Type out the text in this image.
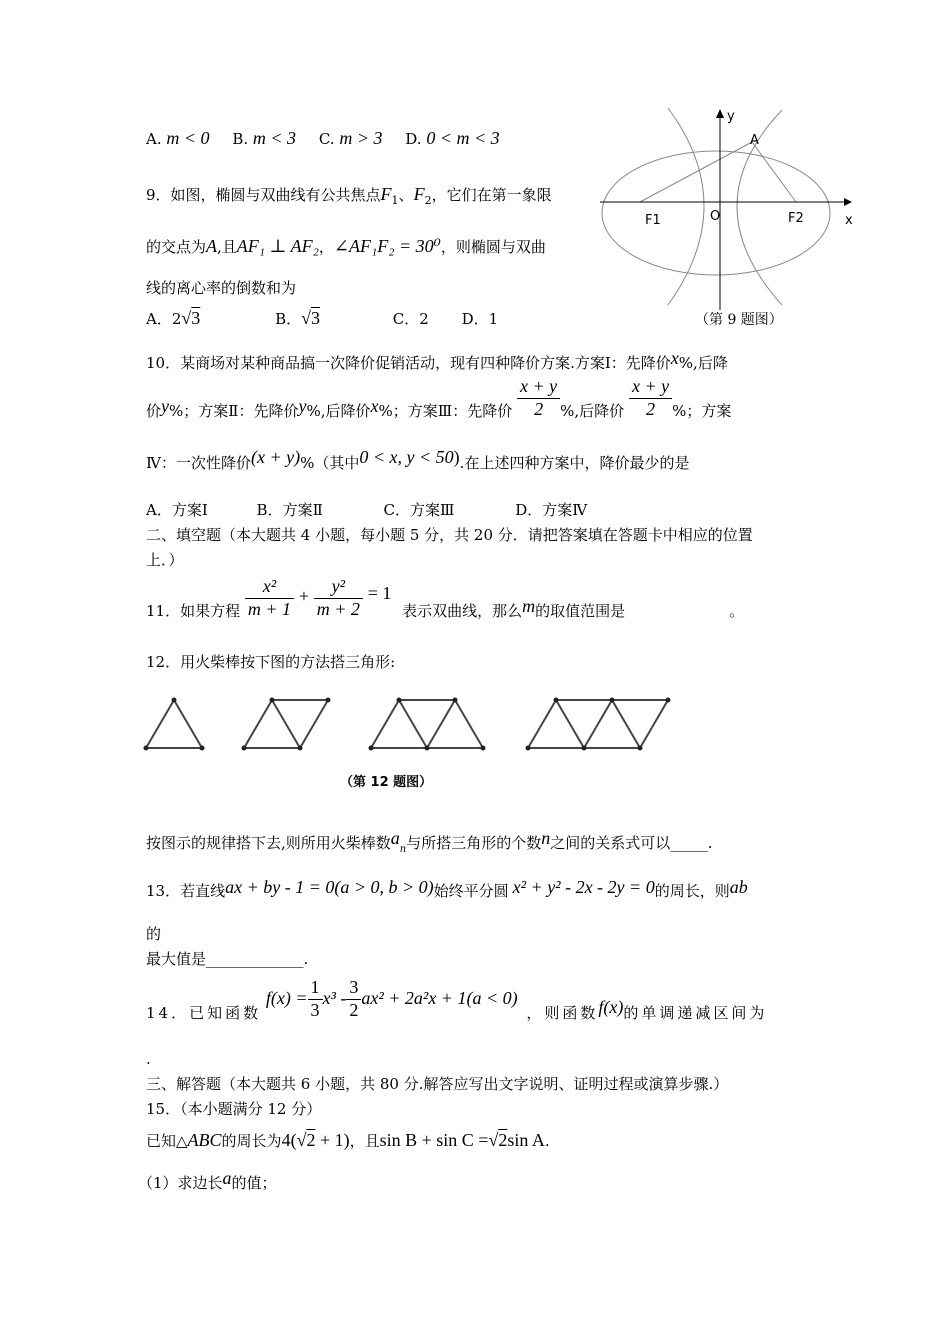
A. m < 0 B. m < 3 C. m > 3 D. 0 < m < 3
9．如图，椭圆与双曲线有公共焦点$F_1$、$F_2$，它们在第一象限
的交点为A,且AF₁ ⊥ AF₂，∠AF₁F₂ = 30⁰，则椭圆与双曲
线的离心率的倒数和为
A．2√3	B．√3	C．2 D．1
y
x
A
O
F1	F2
（第 9 题图）
10．某商场对某种商品搞一次降价促销活动，现有四种降价方案.方案Ⅰ：先降价x%,后降
价y%；方案Ⅱ：先降价y%,后降价x%；方案Ⅲ：先降价 $\frac{x + y}{2}$ %,后降价 $\frac{x + y}{2}$ %；方案
Ⅳ：一次性降价(x + y)%（其中0 < x, y < 50).在上述四种方案中，降价最少的是
A．方案Ⅰ	B．方案Ⅱ	C．方案Ⅲ	D．方案Ⅳ
二、填空题（本大题共 4 小题，每小题 5 分，共 20 分．请把答案填在答题卡中相应的位置
上．）
11．如果方程 $\frac{\text{x²}}{m + 1} + \frac{\text{y²}}{m + 2} = 1$ 表示双曲线，那么m的取值范围是	。
12．用火柴棒按下图的方法搭三角形:
（第 12 题图）
按图示的规律搭下去,则所用火柴棒数$a_n$与所搭三角形的个数n之间的关系式可以_____.
13．若直线ax + by - 1 = 0(a > 0, b > 0)始终平分圆 x² + y² - 2x - 2y = 0的周长，则ab
的
最大值是_____________.
14．已知函数 $f(x) = \frac{1}{3} x^3 - \frac{3}{2} ax^2 + 2a^2x + 1(a < 0)$ ，则函数f(x)的单调递减区间为
.
三、解答题（本大题共 6 小题，共 80 分.解答应写出文字说明、证明过程或演算步骤.）
15．（本小题满分 12 分）
已知△ABC的周长为4(√2 + 1)，且sin B + sin C =√2sin A.
（1）求边长a的值；
